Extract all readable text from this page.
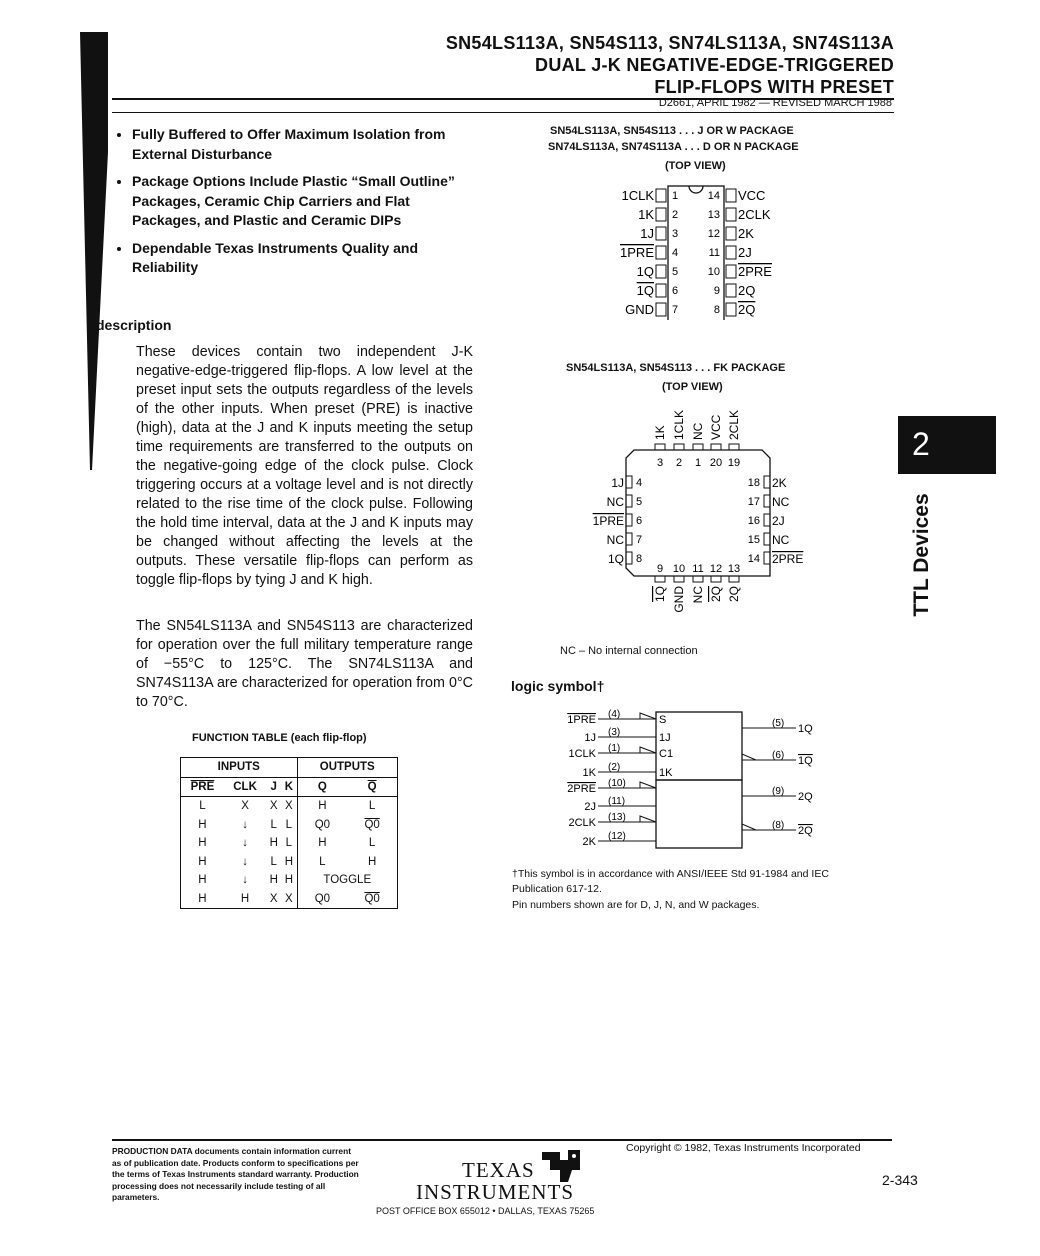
SN54LS113A, SN54S113, SN74LS113A, SN74S113A
DUAL J-K NEGATIVE-EDGE-TRIGGERED
FLIP-FLOPS WITH PRESET
D2661, APRIL 1982 — REVISED MARCH 1988
• Fully Buffered to Offer Maximum Isolation from External Disturbance
• Package Options Include Plastic “Small Outline” Packages, Ceramic Chip Carriers and Flat Packages, and Plastic and Ceramic DIPs
• Dependable Texas Instruments Quality and Reliability
description
These devices contain two independent J-K negative-edge-triggered flip-flops. A low level at the preset input sets the outputs regardless of the levels of the other inputs. When preset (PRE) is inactive (high), data at the J and K inputs meeting the setup time requirements are transferred to the outputs on the negative-going edge of the clock pulse. Clock triggering occurs at a voltage level and is not directly related to the rise time of the clock pulse. Following the hold time interval, data at the J and K inputs may be changed without affecting the levels at the outputs. These versatile flip-flops can perform as toggle flip-flops by tying J and K high.
The SN54LS113A and SN54S113 are characterized for operation over the full military temperature range of −55°C to 125°C. The SN74LS113A and SN74S113A are characterized for operation from 0°C to 70°C.
FUNCTION TABLE (each flip-flop)
INPUTS				OUTPUTS	
$\overline{PRE}$	CLK	J	K	Q	$\overline{Q}$
L	X	X	X	H	L
H	↓	L	L	Q0	Q0
H	↓	H	L	H	L
H	↓	L	H	L	H
H	↓	H	H	TOGGLE	
H	H	X	X	Q0	Q0
SN54LS113A, SN54S113 . . . J OR W PACKAGE
SN74LS113A, SN74S113A . . . D OR N PACKAGE
(TOP VIEW)
1
1CLK
2
1K
3
1J
4
1PRE
5
1Q
6
1Q
7
GND
14 VCC
13 2CLK
12 2K
11 2J
10 2PRE
9 2Q
8 2Q
SN54LS113A, SN54S113 . . . FK PACKAGE
(TOP VIEW)
3
1K
2
1CLK
1
NC
20
VCC
19
2CLK
4
1J
5
NC
6
1PRE
7
NC
8
1Q
18 2K
17 NC
16 2J
15 NC
14 2PRE
9
1Q
10
GND
11
NC
12
2Q
13
2Q
NC – No internal connection
logic symbol†
1PRE (4)	S
1J (3)	1J
1CLK (1)	C1
1K (2)	1K
2PRE (10)
2J (11)
2CLK (13)
2K (12)
(5) 1Q
(6) 1Q
(9) 2Q
(8) 2Q
†This symbol is in accordance with ANSI/IEEE Std 91-1984 and IEC Publication 617-12.
Pin numbers shown are for D, J, N, and W packages.
2
TTL Devices
PRODUCTION DATA documents contain information current as of publication date. Products conform to specifications per the terms of Texas Instruments standard warranty. Production processing does not necessarily include testing of all parameters.
TEXAS
INSTRUMENTS
POST OFFICE BOX 655012 • DALLAS, TEXAS 75265
Copyright © 1982, Texas Instruments Incorporated
2-343
